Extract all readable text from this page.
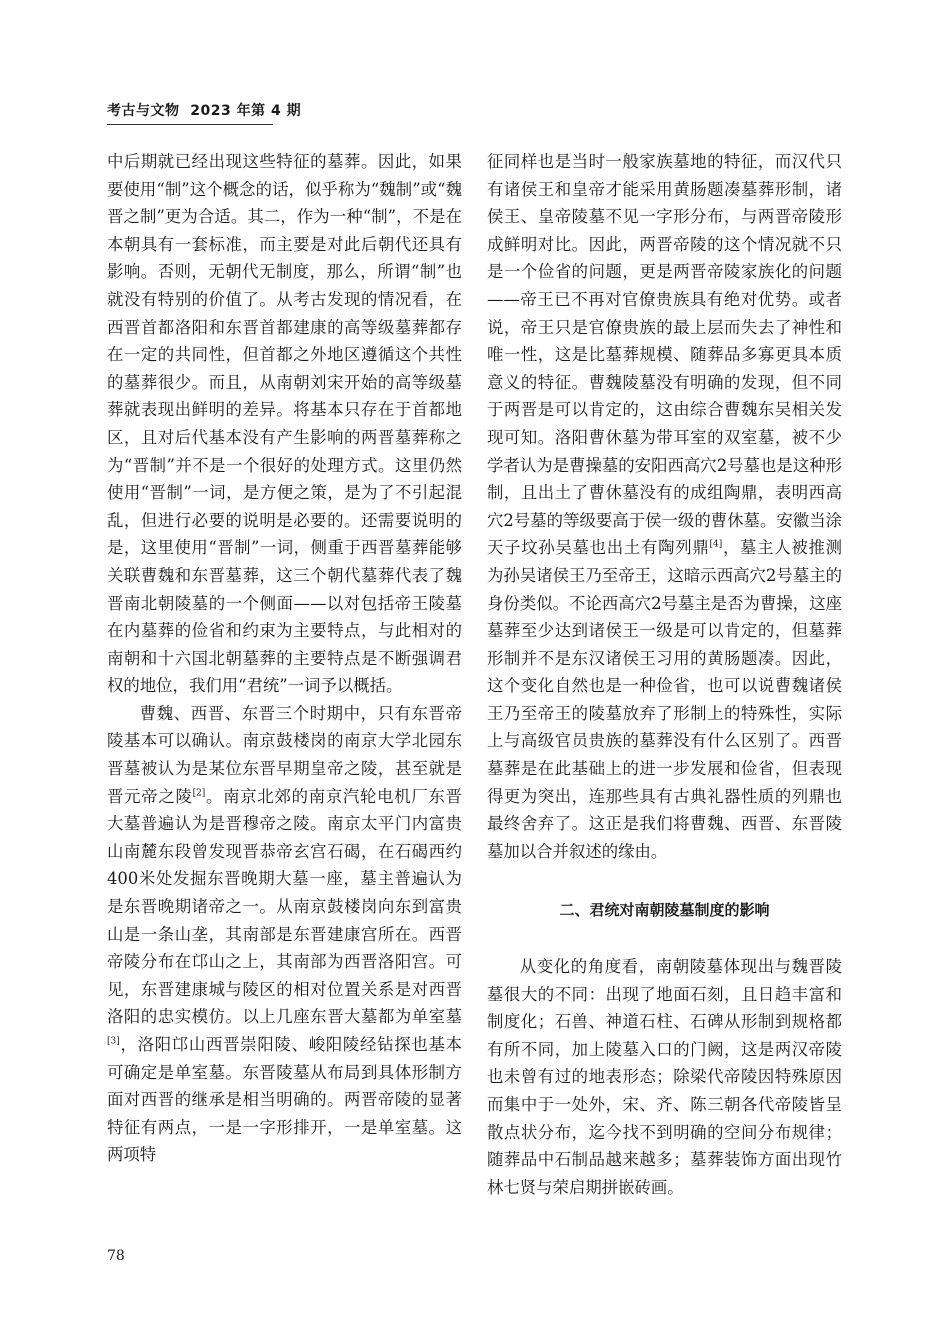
考古与文物 2023 年第 4 期

中后期就已经出现这些特征的墓葬。因此，如果要使用“制”这个概念的话，似乎称为“魏制”或“魏晋之制”更为合适。其二，作为一种“制”，不是在本朝具有一套标准，而主要是对此后朝代还具有影响。否则，无朝代无制度，那么，所谓“制”也就没有特别的价值了。从考古发现的情况看，在西晋首都洛阳和东晋首都建康的高等级墓葬都存在一定的共同性，但首都之外地区遵循这个共性的墓葬很少。而且，从南朝刘宋开始的高等级墓葬就表现出鲜明的差异。将基本只存在于首都地区，且对后代基本没有产生影响的两晋墓葬称之为“晋制”并不是一个很好的处理方式。这里仍然使用“晋制”一词，是方便之策，是为了不引起混乱，但进行必要的说明是必要的。还需要说明的是，这里使用“晋制”一词，侧重于西晋墓葬能够关联曹魏和东晋墓葬，这三个朝代墓葬代表了魏晋南北朝陵墓的一个侧面——以对包括帝王陵墓在内墓葬的俭省和约束为主要特点，与此相对的南朝和十六国北朝墓葬的主要特点是不断强调君权的地位，我们用“君统”一词予以概括。

曹魏、西晋、东晋三个时期中，只有东晋帝陵基本可以确认。南京鼓楼岗的南京大学北园东晋墓被认为是某位东晋早期皇帝之陵，甚至就是晋元帝之陵[2]。南京北郊的南京汽轮电机厂东晋大墓普遍认为是晋穆帝之陵。南京太平门内富贵山南麓东段曾发现晋恭帝玄宫石碣，在石碣西约400米处发掘东晋晚期大墓一座，墓主普遍认为是东晋晚期诸帝之一。从南京鼓楼岗向东到富贵山是一条山垄，其南部是东晋建康宫所在。西晋帝陵分布在邙山之上，其南部为西晋洛阳宫。可见，东晋建康城与陵区的相对位置关系是对西晋洛阳的忠实模仿。以上几座东晋大墓都为单室墓[3]，洛阳邙山西晋崇阳陵、峻阳陵经钻探也基本可确定是单室墓。东晋陵墓从布局到具体形制方面对西晋的继承是相当明确的。两晋帝陵的显著特征有两点，一是一字形排开，一是单室墓。这两项特

征同样也是当时一般家族墓地的特征，而汉代只有诸侯王和皇帝才能采用黄肠题凑墓葬形制，诸侯王、皇帝陵墓不见一字形分布，与两晋帝陵形成鲜明对比。因此，两晋帝陵的这个情况就不只是一个俭省的问题，更是两晋帝陵家族化的问题——帝王已不再对官僚贵族具有绝对优势。或者说，帝王只是官僚贵族的最上层而失去了神性和唯一性，这是比墓葬规模、随葬品多寡更具本质意义的特征。曹魏陵墓没有明确的发现，但不同于两晋是可以肯定的，这由综合曹魏东吴相关发现可知。洛阳曹休墓为带耳室的双室墓，被不少学者认为是曹操墓的安阳西高穴2号墓也是这种形制，且出土了曹休墓没有的成组陶鼎，表明西高穴2号墓的等级要高于侯一级的曹休墓。安徽当涂天子坟孙吴墓也出土有陶列鼎[4]，墓主人被推测为孙吴诸侯王乃至帝王，这暗示西高穴2号墓主的身份类似。不论西高穴2号墓主是否为曹操，这座墓葬至少达到诸侯王一级是可以肯定的，但墓葬形制并不是东汉诸侯王习用的黄肠题凑。因此，这个变化自然也是一种俭省，也可以说曹魏诸侯王乃至帝王的陵墓放弃了形制上的特殊性，实际上与高级官员贵族的墓葬没有什么区别了。西晋墓葬是在此基础上的进一步发展和俭省，但表现得更为突出，连那些具有古典礼器性质的列鼎也最终舍弃了。这正是我们将曹魏、西晋、东晋陵墓加以合并叙述的缘由。

二、君统对南朝陵墓制度的影响

从变化的角度看，南朝陵墓体现出与魏晋陵墓很大的不同：出现了地面石刻，且日趋丰富和制度化；石兽、神道石柱、石碑从形制到规格都有所不同，加上陵墓入口的门阙，这是两汉帝陵也未曾有过的地表形态；除梁代帝陵因特殊原因而集中于一处外，宋、齐、陈三朝各代帝陵皆呈散点状分布，迄今找不到明确的空间分布规律；随葬品中石制品越来越多；墓葬装饰方面出现竹林七贤与荣启期拼嵌砖画。

78
